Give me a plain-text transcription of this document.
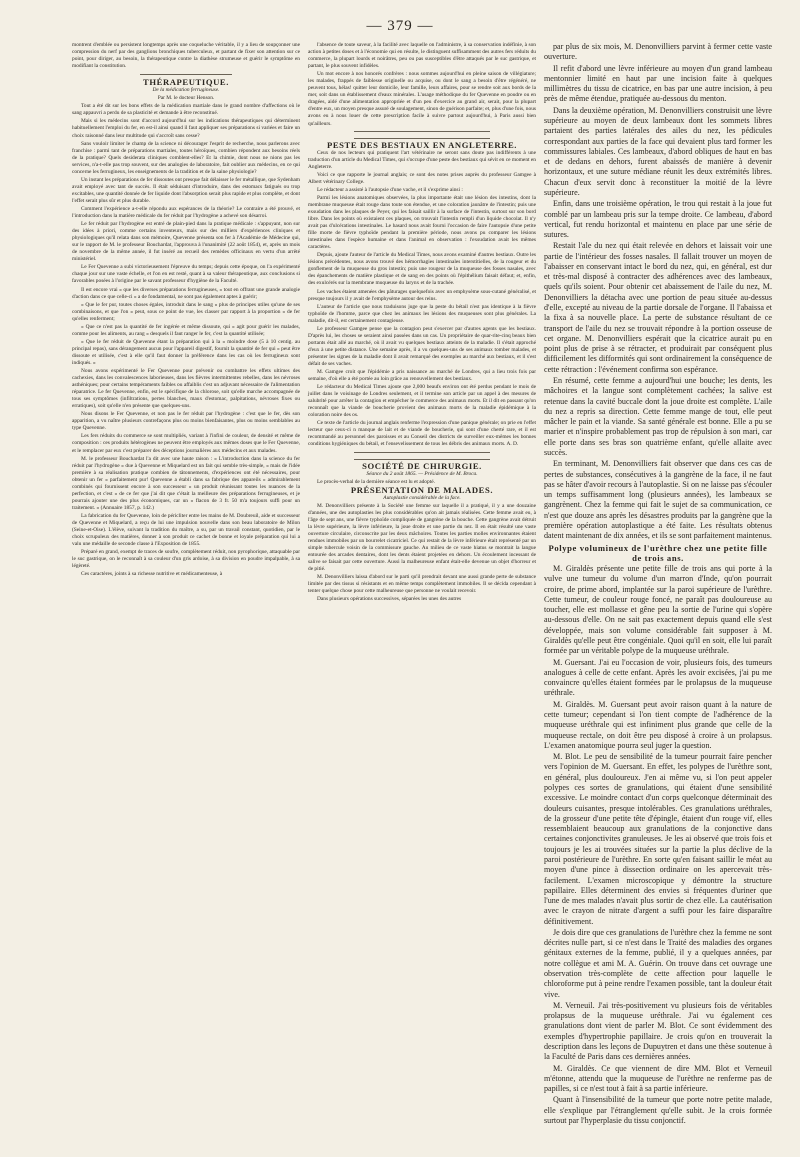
— 379 —

montrent d'emblée ou persistent longtemps après une coqueluche véritable, il y a lieu de soupçonner une compression du nerf par des ganglions bronchiques tuberculeux, et partant de fixer son attention sur ce point, pour diriger, au besoin, la thérapeutique contre la diathèse strumeuse et guérir le symptôme en modifiant la constitution.

THÉRAPEUTIQUE.

De la médication ferrugineuse.

Par M. le docteur Henson.

Tout a été dit sur les bons effets de la médication martiale dans le grand nombre d'affections où le sang appauvri a perdu de sa plasticité et demande à être reconstitué.

Mais si les médecins sont d'accord aujourd'hui sur les indications thérapeutiques qui déterminent habituellement l'emploi du fer, en est-il ainsi quand il faut appliquer ses préparations si variées et faire un choix raisonné dans leur multitude qui s'accroît sans cesse?

Sans vouloir limiter le champ de la science ni décourager l'esprit de recherche, nous parlerons avec franchise : parmi tant de préparations martiales, toutes héroïques, combien répondent aux besoins réels de la pratique? Quels desiderata cliniques comblent-elles? Et la chimie, dont nous ne nions pas les services, n'a-t-elle pas trop souvent, sur des analogies de laboratoire, fait oublier aux médecins, en ce qui concerne les ferrugineux, les enseignements de la tradition et de la saine physiologie?

Un instant les préparations de fer dissoutes ont presque fait délaisser le fer métallique, que Sydenham avait employé avec tant de succès. Il était séduisant d'introduire, dans des estomacs fatigués ou trop excitables, une quantité donnée de fer liquide dont l'absorption serait plus rapide et plus complète, et dont l'effet serait plus sûr et plus durable.

Comment l'expérience a-t-elle répondu aux espérances de la théorie? Le contraire a été prouvé, et l'introduction dans la matière médicale du fer réduit par l'hydrogène a achevé son désarroi.

Le fer réduit par l'hydrogène est entré de plain-pied dans la pratique médicale : s'appuyant, non sur des idées à priori, comme certains inventeurs, mais sur des milliers d'expériences cliniques et physiologiques qu'il relata dans son mémoire, Quevenne présenta son fer à l'Académie de Médecine qui, sur le rapport de M. le professeur Bouchardat, l'approuva à l'unanimité (22 août 1854), et, après un mois de novembre de la même année, il fut inséré au recueil des remèdes officinaux en vertu d'un arrêté ministériel.

Le Fer Quevenne a subi victorieusement l'épreuve du temps; depuis cette époque, on l'a expérimenté chaque jour sur une vaste échelle, et l'on en est resté, quant à sa valeur thérapeutique, aux conclusions si favorables posées à l'origine par le savant professeur d'hygiène de la Faculté.

Il est encore vrai « que les diverses préparations ferrugineuses, « tout en offrant une grande analogie d'action dans ce que celle-ci « a de fondamental, ne sont pas également aptes à guérir;

« Que le fer pur, toutes choses égales, introduit dans le sang « plus de principes utiles qu'une de ses combinaisons, et que l'on « peut, sous ce point de vue, les classer par rapport à la proportion « de fer qu'elles renferment;

« Que ce n'est pas la quantité de fer ingérée et même dissoute, qui « agit pour guérir les malades, comme pour les aliments, au rang « desquels il faut ranger le fer, c'est la quantité utilisée;

« Que le fer réduit de Quevenne étant la préparation qui à la « moindre dose (5 à 10 centig. au principal repas), sans dérangement aucun pour l'appareil digestif, fournit la quantité de fer qui « peut être dissoute et utilisée, c'est à elle qu'il faut donner la préférence dans les cas où les ferrugineux sont indiqués. »

Nous avons expérimenté le Fer Quevenne pour prévenir ou combattre les effets ultimes des cachexies, dans les convalescences laborieuses, dans les fièvres intermittentes rebelles, dans les névroses asthéniques; pour certains tempéraments faibles ou affaiblis c'est un adjuvant nécessaire de l'alimentation réparatrice. Le fer Quevenne, enfin, est le spécifique de la chlorose, soit qu'elle marche accompagnée de tous ses symptômes (infiltrations, pertes blanches, maux d'estomac, palpitations, névroses fixes ou erratiques), soit qu'elle n'en présente que quelques-uns.

Nous disons le Fer Quevenne, et non pas le fer réduit par l'hydrogène : c'est que le fer, dès son apparition, a vu naître plusieurs contrefaçons plus ou moins bienfaisantes, plus ou moins semblables au type Quevenne.

Les fers réduits du commerce se sont multipliés, variant à l'infini de couleur, de densité et même de composition : ces produits hétérogènes ne peuvent être employés aux mêmes doses que le Fer Quevenne, et le remplacer par eux c'est préparer des déceptions journalières aux médecins et aux malades.

M. le professeur Bouchardat l'a dit avec une haute raison : « L'introduction dans la science du fer réduit par l'hydrogène « due à Quevenne et Miquelard est un fait qui semble très-simple, « mais de l'idée première à sa réalisation pratique combien de tâtonnements, d'expériences ont été nécessaires, pour obtenir un fer « parfaitement pur! Quevenne a établi dans sa fabrique des appareils « admirablement combinés qui fournissent encore à son successeur « un produit réunissant toutes les nuances de la perfection, et c'est « de ce fer que j'ai dit que c'était la meilleure des préparations ferrugineuses, et je pourrais ajouter une des plus économiques, car un « flacon de 3 fr. 50 m'a toujours suffi pour un traitement. » (Annuaire 1857, p. 142.)

La fabrication du fer Quevenne, loin de péricliter entre les mains de M. Doubreuil, aide et successeur de Quevenne et Miquelard, a reçu de lui une impulsion nouvelle dans son beau laboratoire de Milon (Seine-et-Oise). L'élève, suivant la tradition du maître, a su, par un travail constant, quotidien, par le choix scrupuleux des matières, donner à son produit ce cachet de bonne et loyale préparation qui lui a valu une médaille de seconde classe à l'Exposition de 1855.

Préparé en grand, exempt de traces de soufre, complètement réduit, non pyrophorique, attaquable par le suc gastrique, on le reconnaît à sa couleur d'un gris ardoise, à sa division en poudre impalpable, à sa légèreté.

Ces caractères, joints à sa richesse nutritive et médicamenteuse, à

l'absence de toute saveur, à la facilité avec laquelle on l'administre, à sa conservation indéfinie, à son action à petites doses et à l'économie qui en résulte, le distinguent suffisamment des autres fers réduits du commerce, la plupart lourds et noirâtres, peu ou pas susceptibles d'être attaqués par le suc gastrique, et partant, le plus souvent infidèles.

Un mot encore à nos honorés confrères : nous sommes aujourd'hui en pleine saison de villégiature; les malades, frappés de faiblesse originelle ou acquise, ou dont le sang a besoin d'être régénéré, ne peuvent tous, hélas! quitter leur domicile, leur famille, leurs affaires, pour se rendre soit aux bords de la mer, soit dans un établissement d'eaux minérales. L'usage méthodique du fer Quevenne en poudre ou en dragées, aidé d'une alimentation appropriée et d'un peu d'exercice au grand air, serait, pour la plupart d'entre eux, un moyen presque assuré de soulagement, sinon de guérison parfaite; et, plus d'une fois, nous avons eu à nous louer de cette prescription facile à suivre partout aujourd'hui, à Paris aussi bien qu'ailleurs.

PESTE DES BESTIAUX EN ANGLETERRE.

Ceux de nos lecteurs qui pratiquent l'art vétérinaire ne seront sans doute pas indifférents à une traduction d'un article du Medical Times, qui s'occupe d'une peste des bestiaux qui sévit en ce moment en Angleterre.

Voici ce que rapporte le journal anglais; ce sont des notes prises auprès du professeur Gamgee à Albert vétérinary College.

Le rédacteur a assisté à l'autopsie d'une vache, et il s'exprime ainsi :

Parmi les lésions anatomiques observées, la plus importante était une lésion des intestins, dont la membrane muqueuse était rouge dans toute son étendue, et une coloration jaunâtre de l'intestin; puis une exsudation dans les plaques de Peyer, qui les faisait saillir à la surface de l'intestin, surtout sur son bord libre. Dans les points où existaient ces plaques, on trouvait l'intestin rempli d'un liquide chocolat. Il n'y avait pas d'ulcérations intestinales. Le hasard nous avait fourni l'occasion de faire l'autopsie d'une petite fille morte de fièvre typhoïde pendant la première période, nous avons pu comparer les lésions intestinales dans l'espèce humaine et dans l'animal en observation : l'exsudation avait les mêmes caractères.

Depuis, ajoute l'auteur de l'article du Medical Times, nous avons examiné d'autres bestiaux. Outre les lésions précédentes, nous avons trouvé des hémorrhagies intestinales interstitielles, de la rougeur et du gonflement de la muqueuse du gros intestin; puis une rougeur de la muqueuse des fosses nasales, avec des épanchements de matière plastique et de sang en des points où l'épithélium faisait défaut; et, enfin, des exulcérés sur la membrane muqueuse du larynx et de la trachée.

Les vaches étaient amenées des pâturages quelquefois avec un emphysème sous-cutané généralisé, et presque toujours il y avait de l'emphysème autour des reins.

L'auteur de l'article que nous traduisons juge que la peste du bétail n'est pas identique à la fièvre typhoïde de l'homme, parce que chez les animaux les lésions des muqueuses sont plus générales. La maladie, dit-il, est certainement contagieuse.

Le professeur Gamgee pense que la contagion peut s'exercer par d'autres agents que les bestiaux. D'après lui, les choses se seraient ainsi passées dans un cas. Un propriétaire de quar-rite-cinq beaux bien portants était allé au marché, où il avait vu quelques bestiaux atteints de la maladie. Il s'était approché d'eux à une petite distance. Une semaine après, il a vu quelques-uns de ses animaux tomber malades, et présenter les signes de la maladie dont il avait remarqué des exemples au marché aux bestiaux, et il s'est défait de ses vaches.

M. Gamgee croit que l'épidémie a pris naissance au marché de Londres, qui a lieu trois fois par semaine, d'où elle a été portée au loin grâce au renouvellement des bestiaux.

Le rédacteur du Medical Times ajoute que 2,000 beaufs environ ont été perdus pendant le mois de juillet dans le voisinage de Londres seulement, et il termine son article par un appel à des mesures de salubrité pour arrêter la contagion et empêcher le commerce des animaux morts. Et il dit en passant qu'on reconnaît que la viande de boucherie provient des animaux morts de la maladie épidémique à la coloration noire des os.

Ce texte de l'article du journal anglais renferme l'expression d'une panique générale; on prie en l'effet lecteur que ceux-ci n manque de lait et de viande de boucherie, qui sont d'une cherté rare, et il est recommandé au personnel des paroisses et au Conseil des districts de surveiller eux-mêmes les bonnes conditions hygiéniques du bétail, et l'ensevelissement de tous les débris des animaux morts. A. D.

SOCIÉTÉ DE CHIRURGIE.

Séance du 2 août 1865. — Présidence de M. Broca.

Le procès-verbal de la dernière séance est lu et adopté.

PRÉSENTATION DE MALADES.

Autoplastie considérable de la face.

M. Denonvilliers présente à la Société une femme sur laquelle il a pratiqué, il y a une douzaine d'années, une des autoplasties les plus considérables qu'on ait jamais réalisées. Cette femme avait eu, à l'âge de sept ans, une fièvre typhoïde compliquée de gangrène de la bouche. Cette gangrène avait détruit la lèvre supérieure, la lèvre inférieure, la joue droite et une partie du nez. Il en était résulté une vaste ouverture circulaire, circonscrite par les deux mâchoires. Toutes les parties molles environnantes étaient rendues immobiles par un bourrelet cicatriciel. Ce qui restait de la lèvre inférieure était représenté par un simple tubercule voisin de la commissure gauche. Au milieu de ce vaste hiatus se montrait la langue entourée des arcades dentaires, dont les dents étaient projetées en dehors. Un écoulement incessant de salive se faisait par cette ouverture. Aussi la malheureuse enfant était-elle devenue un objet d'horreur et de pitié.

M. Denonvilliers laissa d'abord sur le parti qu'il prendrait devant une aussi grande perte de substance limitée par des tissus si résistants et en même temps complètement immobiles. Il se décida cependant à tenter quelque chose pour cette malheureuse que personne ne voulait recevoir.

Dans plusieurs opérations successives, séparées les unes des autres

par plus de six mois, M. Denonvilliers parvint à fermer cette vaste ouverture.

Il refit d'abord une lèvre inférieure au moyen d'un grand lambeau mentonnier limité en haut par une incision faite à quelques millimètres du tissu de cicatrice, en bas par une autre incision, à peu près de même étendue, pratiquée au-dessous du menton.

Dans la deuxième opération, M. Denonvilliers construisit une lèvre supérieure au moyen de deux lambeaux dont les sommets libres partaient des parties latérales des ailes du nez, les pédicules correspondant aux parties de la face qui devaient plus tard former les commissures labiales. Ces lambeaux, d'abord obliques de haut en bas et de dedans en dehors, furent abaissés de manière à devenir horizontaux, et une suture médiane réunit les deux extrémités libres. Chacun d'eux servit donc à reconstituer la moitié de la lèvre supérieure.

Enfin, dans une troisième opération, le trou qui restait à la joue fut comblé par un lambeau pris sur la tempe droite. Ce lambeau, d'abord vertical, fut rendu horizontal et maintenu en place par une série de sutures.

Restait l'ale du nez qui était relevée en dehors et laissait voir une partie de l'intérieur des fosses nasales. Il fallait trouver un moyen de l'abaisser en conservant intact le bord du nez, qui, en général, est dur et très-mal disposé à contracter des adhérences avec des lambeaux, quels qu'ils soient. Pour obtenir cet abaissement de l'aile du nez, M. Denonvilliers la détacha avec une portion de peau située au-dessus d'elle, excepté au niveau de la partie dorsale de l'organe. Il l'abaissa et la fixa à sa nouvelle place. La perte de substance résultant de ce transport de l'aile du nez se trouvait répondre à la portion osseuse de cet organe. M. Denonvilliers espérait que la cicatrice aurait pu en point plus de prise à se rétracter, et produirait par conséquent plus difficilement les difformités qui sont ordinairement la conséquence de cette rétraction : l'événement confirma son espérance.

En résumé, cette femme a aujourd'hui une bouche; les dents, les mâchoires et la langue sont complètement cachées; la salive est retenue dans la cavité buccale dont la joue droite est complète. L'aile du nez a repris sa direction. Cette femme mange de tout, elle peut mâcher le pain et la viande. Sa santé générale est bonne. Elle a pu se marier et n'inspire probablement pas trop de répulsion à son mari, car elle porte dans ses bras son quatrième enfant, qu'elle allaite avec succès.

En terminant, M. Denonvilliers fait observer que dans ces cas de pertes de substances, consécutives à la gangrène de la face, il ne faut pas se hâter d'avoir recours à l'autoplastie. Si on ne laisse pas s'écouler un temps suffisamment long (plusieurs années), les lambeaux se gangrènent. Chez la femme qui fait le sujet de sa communication, ce n'est que douze ans après les désastres produits par la gangrène que la première opération autoplastique a été faite. Les résultats obtenus datent maintenant de dix années, et ils se sont parfaitement maintenus.

Polype volumineux de l'urèthre chez une petite fille de trois ans.

M. Giraldès présente une petite fille de trois ans qui porte à la vulve une tumeur du volume d'un marron d'Inde, qu'on pourrait croire, de prime abord, implantée sur la paroi supérieure de l'urèthre. Cette tumeur, de couleur rouge foncé, ne paraît pas douloureuse au toucher, elle est mollasse et gêne peu la sortie de l'urine qui s'opère au-dessous d'elle. On ne sait pas exactement depuis quand elle s'est développée, mais son volume considérable fait supposer à M. Giraldès qu'elle peut être congéniale. Quoi qu'il en soit, elle lui paraît formée par un véritable polype de la muqueuse uréthrale.

M. Guersant. J'ai eu l'occasion de voir, plusieurs fois, des tumeurs analogues à celle de cette enfant. Après les avoir excisées, j'ai pu me convaincre qu'elles étaient formées par le prolapsus de la muqueuse uréthrale.

M. Giraldès. M. Guersant peut avoir raison quant à la nature de cette tumeur; cependant si l'on tient compte de l'adhérence de la muqueuse uréthrale qui est infiniment plus grande que celle de la muqueuse rectale, on doit être peu disposé à croire à un prolapsus. L'examen anatomique pourra seul juger la question.

M. Blot. Le peu de sensibilité de la tumeur pourrait faire pencher vers l'opinion de M. Guersant. En effet, les polypes de l'urèthre sont, en général, plus douloureux. J'en ai même vu, si l'on peut appeler polypes ces sortes de granulations, qui étaient d'une sensibilité excessive. Le moindre contact d'un corps quelconque déterminait des douleurs cuisantes, presque intolérables. Ces granulations uréthrales, de la grosseur d'une petite tête d'épingle, étaient d'un rouge vif, elles ressemblaient beaucoup aux granulations de la conjonctive dans certaines conjonctivites granuleuses. Je les ai observé que trois fois et toujours je les ai trouvées situées sur la partie la plus déclive de la paroi postérieure de l'urèthre. En sorte qu'en faisant saillir le méat au moyen d'une pince à dissection ordinaire on les apercevait très-facilement. L'examen microscopique y démontre la structure papillaire. Elles déterminent des envies si fréquentes d'uriner que l'une de mes malades n'avait plus sortir de chez elle. La cautérisation avec le crayon de nitrate d'argent a suffi pour les faire disparaître définitivement.

Je dois dire que ces granulations de l'urèthre chez la femme ne sont décrites nulle part, si ce n'est dans le Traité des maladies des organes génitaux externes de la femme, publié, il y a quelques années, par notre collègue et ami M. A. Guérin. On trouve dans cet ouvrage une observation très-complète de cette affection pour laquelle le chloroforme put à peine rendre l'examen possible, tant la douleur était vive.

M. Verneuil. J'ai très-positivement vu plusieurs fois de véritables prolapsus de la muqueuse uréthrale. J'ai vu également ces granulations dont vient de parler M. Blot. Ce sont évidemment des exemples d'hypertrophie papillaire. Je crois qu'on en trouverait la description dans les leçons de Dupuytren et dans une thèse soutenue à la Faculté de Paris dans ces dernières années.

M. Giraldès. Ce que viennent de dire MM. Blot et Verneuil m'étonne, attendu que la muqueuse de l'urèthre ne renferme pas de papilles, si ce n'est tout à fait à sa partie inférieure.

Quant à l'insensibilité de la tumeur que porte notre petite malade, elle s'explique par l'étranglement qu'elle subit. Je la crois formée surtout par l'hyperplasie du tissu conjonctif.
